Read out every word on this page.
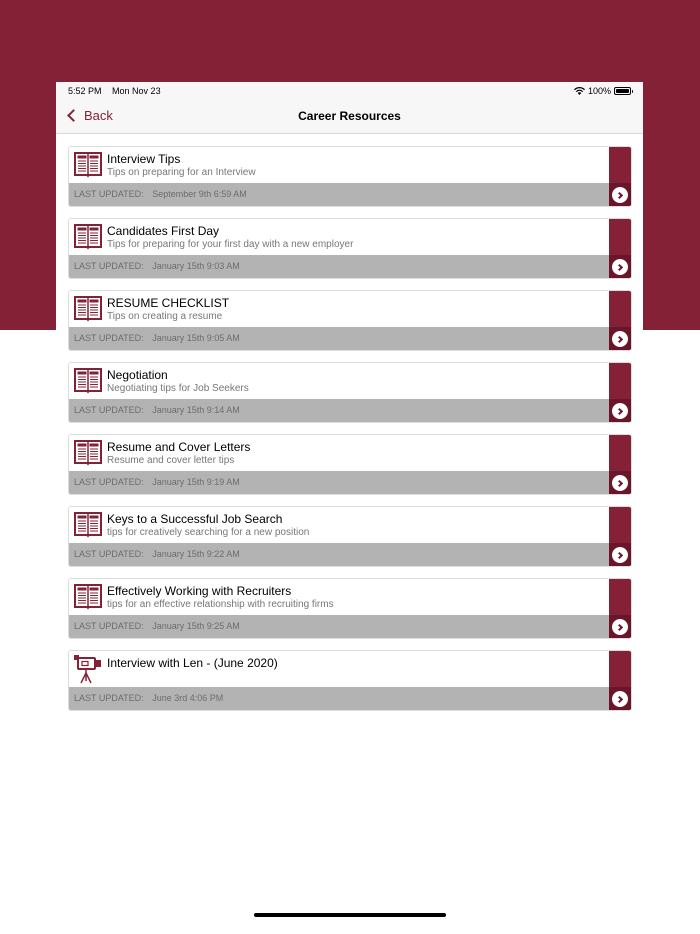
5:52 PM Mon Nov 23	100%
Back	Career Resources
Interview Tips
Tips on preparing for an Interview
LAST UPDATED: September 9th 6:59 AM
Candidates First Day
Tips for preparing for your first day with a new employer
LAST UPDATED: January 15th 9:03 AM
RESUME CHECKLIST
Tips on creating a resume
LAST UPDATED: January 15th 9:05 AM
Negotiation
Negotiating tips for Job Seekers
LAST UPDATED: January 15th 9:14 AM
Resume and Cover Letters
Resume and cover letter tips
LAST UPDATED: January 15th 9:19 AM
Keys to a Successful Job Search
tips for creatively searching for a new position
LAST UPDATED: January 15th 9:22 AM
Effectively Working with Recruiters
tips for an effective relationship with recruiting firms
LAST UPDATED: January 15th 9:25 AM
Interview with Len - (June 2020)
LAST UPDATED: June 3rd 4:06 PM
